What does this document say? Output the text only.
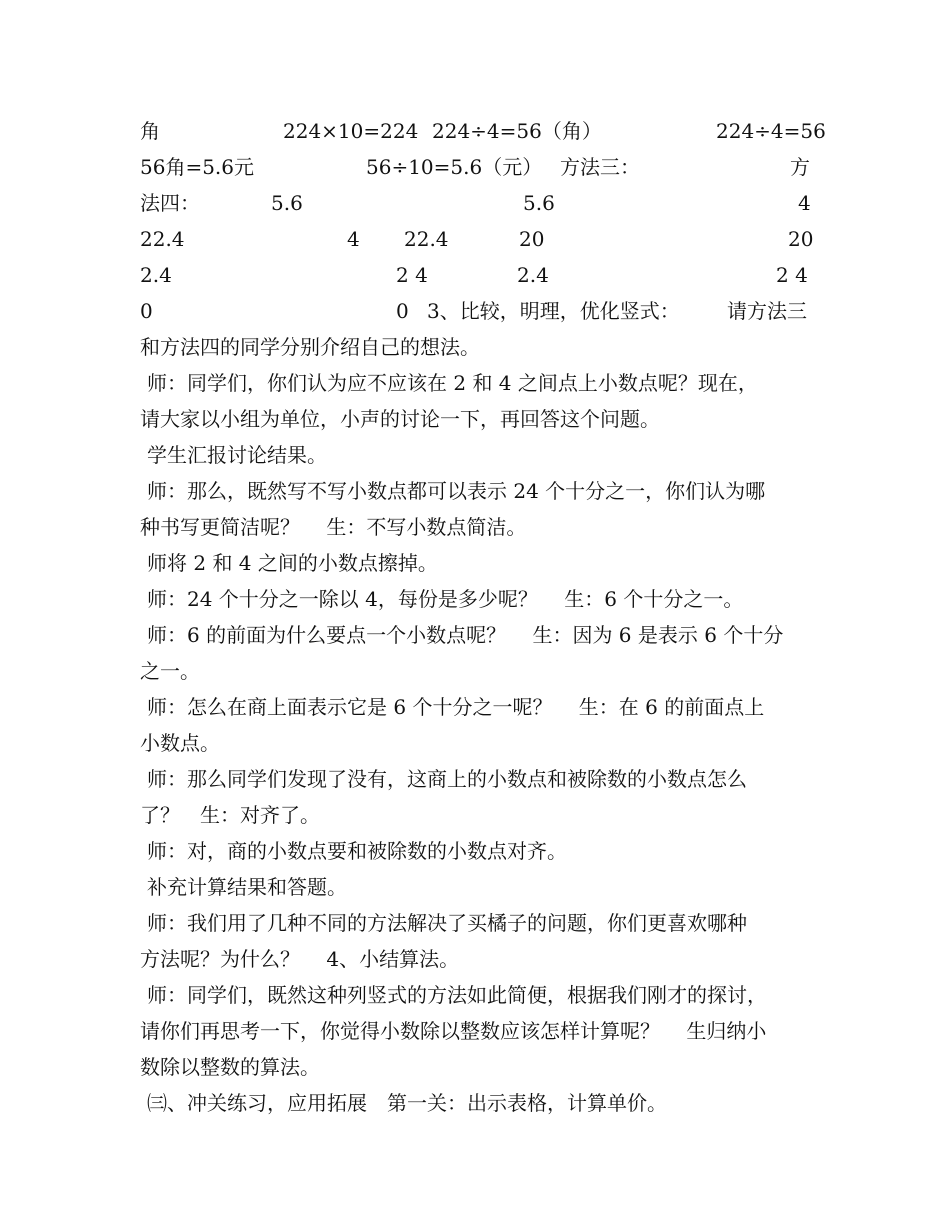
角	224×10=224 224÷4=56（角）	224÷4=56
56角=5.6元	56÷10=5.6（元） 方法三：	方
法四：	5.6	5.6	4
22.4	4 22.4	20	20
2.4	2 4	2.4	2 4
0	0 3、比较，明理，优化竖式： 请方法三
和方法四的同学分别介绍自己的想法。
师：同学们，你们认为应不应该在 2 和 4 之间点上小数点呢？现在，
请大家以小组为单位，小声的讨论一下，再回答这个问题。
学生汇报讨论结果。
师：那么，既然写不写小数点都可以表示 24 个十分之一，你们认为哪
种书写更简洁呢？　 生：不写小数点简洁。
师将 2 和 4 之间的小数点擦掉。
师：24 个十分之一除以 4，每份是多少呢？　 生：6 个十分之一。
师：6 的前面为什么要点一个小数点呢？　 生：因为 6 是表示 6 个十分
之一。
师：怎么在商上面表示它是 6 个十分之一呢？　 生：在 6 的前面点上
小数点。
师：那么同学们发现了没有，这商上的小数点和被除数的小数点怎么
了？　生：对齐了。
师：对，商的小数点要和被除数的小数点对齐。
补充计算结果和答题。
师：我们用了几种不同的方法解决了买橘子的问题，你们更喜欢哪种
方法呢？为什么？　 4、小结算法。
师：同学们，既然这种列竖式的方法如此简便，根据我们刚才的探讨，
请你们再思考一下，你觉得小数除以整数应该怎样计算呢？　 生归纳小
数除以整数的算法。
㈢、冲关练习，应用拓展　第一关：出示表格，计算单价。
